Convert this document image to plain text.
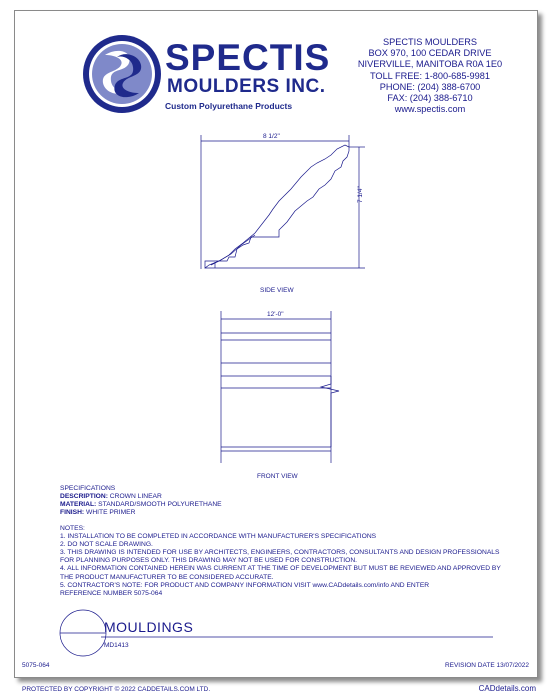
SPECTIS
MOULDERS INC.
Custom Polyurethane Products
SPECTIS MOULDERS
BOX 970, 100 CEDAR DRIVE
NIVERVILLE, MANITOBA R0A 1E0
TOLL FREE: 1-800-685-9981
PHONE: (204) 388-6700
FAX: (204) 388-6710
www.spectis.com
8 1/2"
7 1/4"
SIDE VIEW
12'-0"
FRONT VIEW
SPECIFICATIONS
DESCRIPTION: CROWN LINEAR
MATERIAL: STANDARD/SMOOTH POLYURETHANE
FINISH: WHITE PRIMER
NOTES:
1. INSTALLATION TO BE COMPLETED IN ACCORDANCE WITH MANUFACTURER'S SPECIFICATIONS
2. DO NOT SCALE DRAWING.
3. THIS DRAWING IS INTENDED FOR USE BY ARCHITECTS, ENGINEERS, CONTRACTORS, CONSULTANTS AND DESIGN PROFESSIONALS
FOR PLANNING PURPOSES ONLY. THIS DRAWING MAY NOT BE USED FOR CONSTRUCTION.
4. ALL INFORMATION CONTAINED HEREIN WAS CURRENT AT THE TIME OF DEVELOPMENT BUT MUST BE REVIEWED AND APPROVED BY
THE PRODUCT MANUFACTURER TO BE CONSIDERED ACCURATE.
5. CONTRACTOR'S NOTE: FOR PRODUCT AND COMPANY INFORMATION VISIT www.CADdetails.com/info AND ENTER
REFERENCE NUMBER 5075-064
MOULDINGS
MD1413
5075-064	REVISION DATE 13/07/2022
PROTECTED BY COPYRIGHT © 2022 CADDETAILS.COM LTD.	CADdetails.com
